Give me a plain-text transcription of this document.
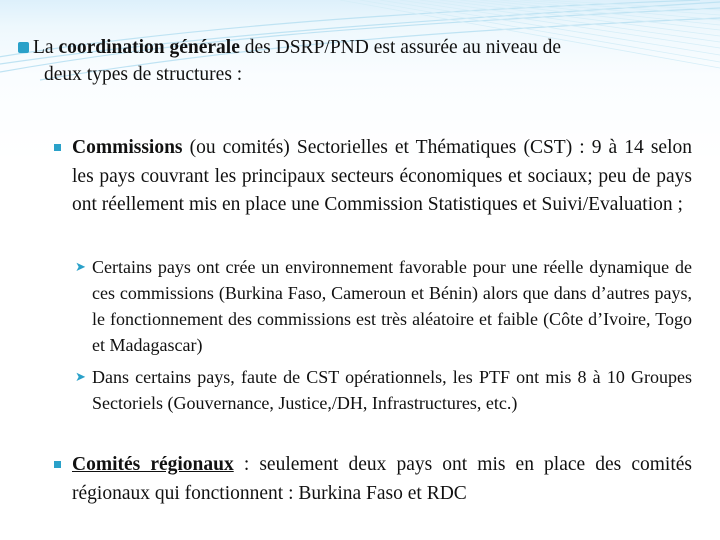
La coordination générale des DSRP/PND est assurée au niveau de
deux types de structures :
Commissions (ou comités) Sectorielles et Thématiques (CST) : 9 à 14 selon les pays couvrant les principaux secteurs économiques et sociaux; peu de pays ont réellement mis en place une Commission Statistiques et Suivi/Evaluation ;
➤ Certains pays ont crée un environnement favorable pour une réelle dynamique de ces commissions (Burkina Faso, Cameroun et Bénin) alors que dans d’autres pays, le fonctionnement des commissions est très aléatoire et faible (Côte d’Ivoire, Togo et Madagascar)
➤ Dans certains pays, faute de CST opérationnels, les PTF ont mis 8 à 10 Groupes Sectoriels (Gouvernance, Justice,/DH, Infrastructures, etc.)
Comités régionaux : seulement deux pays ont mis en place des comités régionaux qui fonctionnent : Burkina Faso et RDC
